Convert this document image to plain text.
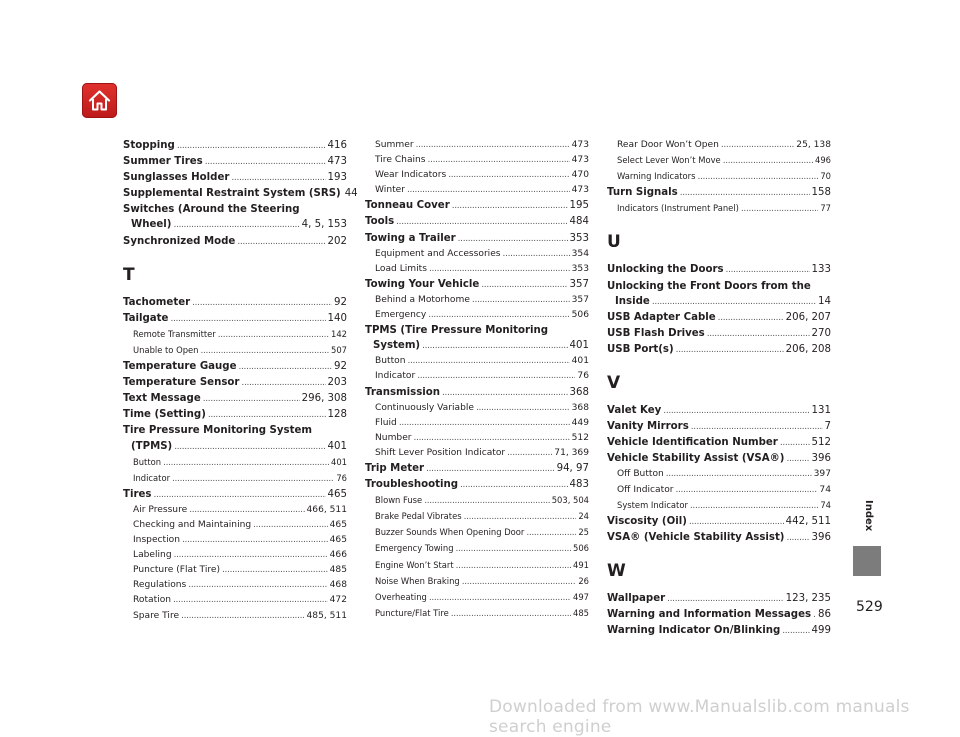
Stopping . . .	416
Summer Tires . . .	473
Sunglasses Holder . . .	193
Supplemental Restraint System (SRS) 44
Switches (Around the Steering
Wheel) . . .	4, 5, 153
Synchronized Mode . . .	202
T
Tachometer . . .	92
Tailgate . . .	140
Remote Transmitter . . .	142
Unable to Open . . .	507
Temperature Gauge . . .	92
Temperature Sensor . . .	203
Text Message . . .	296, 308
Time (Setting) . . .	128
Tire Pressure Monitoring System
(TPMS) . . .	401
Button . . .	401
Indicator . . .	76
Tires . . .	465
Air Pressure . . .	466, 511
Checking and Maintaining . . .	465
Inspection . . .	465
Labeling . . .	466
Puncture (Flat Tire) . . .	485
Regulations . . .	468
Rotation . . .	472
Spare Tire . . .	485, 511
Summer . . .	473
Tire Chains . . .	473
Wear Indicators . . .	470
Winter . . .	473
Tonneau Cover . . .	195
Tools . . .	484
Towing a Trailer . . .	353
Equipment and Accessories . . .	354
Load Limits . . .	353
Towing Your Vehicle . . .	357
Behind a Motorhome . . .	357
Emergency . . .	506
TPMS (Tire Pressure Monitoring
System) . . .	401
Button . . .	401
Indicator . . .	76
Transmission . . .	368
Continuously Variable . . .	368
Fluid . . .	449
Number . . .	512
Shift Lever Position Indicator . . .	71, 369
Trip Meter . . .	94, 97
Troubleshooting . . .	483
Blown Fuse . . .	503, 504
Brake Pedal Vibrates . . .	24
Buzzer Sounds When Opening Door . . .	25
Emergency Towing . . .	506
Engine Won’t Start . . .	491
Noise When Braking . . .	26
Overheating . . .	497
Puncture/Flat Tire . . .	485
Rear Door Won’t Open . . .	25, 138
Select Lever Won’t Move . . .	496
Warning Indicators . . .	70
Turn Signals . . .	158
Indicators (Instrument Panel) . . .	77
U
Unlocking the Doors . . .	133
Unlocking the Front Doors from the
Inside . . .	14
USB Adapter Cable . . .	206, 207
USB Flash Drives . . .	270
USB Port(s) . . .	206, 208
V
Valet Key . . .	131
Vanity Mirrors . . .	7
Vehicle Identification Number . . .	512
Vehicle Stability Assist (VSA®) . . .	396
Off Button . . .	397
Off Indicator . . .	74
System Indicator . . .	74
Viscosity (Oil) . . .	442, 511
VSA® (Vehicle Stability Assist) . . .	396
W
Wallpaper . . .	123, 235
Warning and Information Messages . . . 86
Warning Indicator On/Blinking . . .	499
Index
529
Downloaded from www.Manualslib.com manuals search engine
